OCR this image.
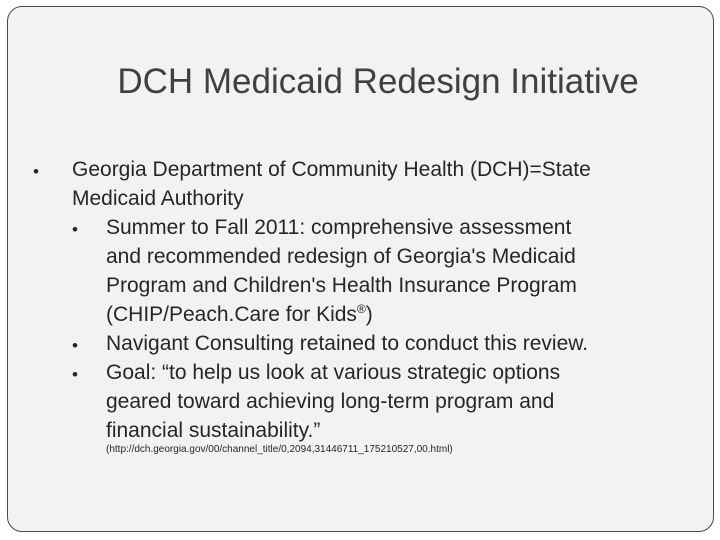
DCH Medicaid Redesign Initiative
• Georgia Department of Community Health (DCH)=State
Medicaid Authority
• Summer to Fall 2011: comprehensive assessment
and recommended redesign of Georgia's Medicaid
Program and Children's Health Insurance Program
(CHIP/Peach.Care for Kids®)
• Navigant Consulting retained to conduct this review.
• Goal: “to help us look at various strategic options
geared toward achieving long-term program and
financial sustainability.”
(http://dch.georgia.gov/00/channel_title/0,2094,31446711_175210527,00.html)
